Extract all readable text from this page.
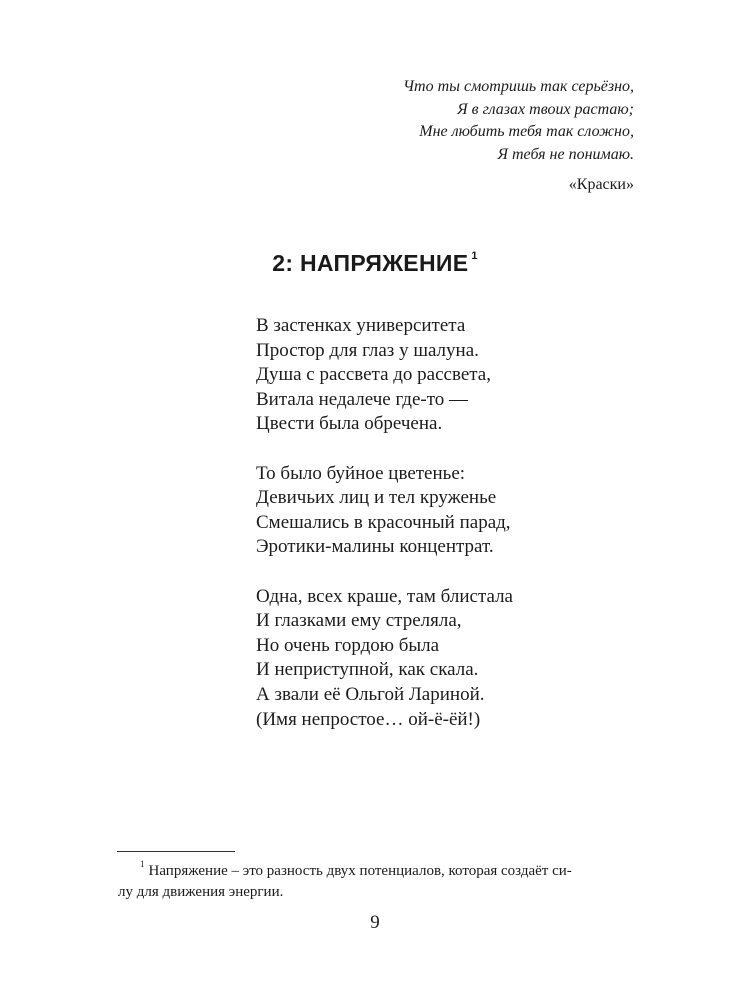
Что ты смотришь так серьёзно,
Я в глазах твоих растаю;
Мне любить тебя так сложно,
Я тебя не понимаю.
«Краски»
2: НАПРЯЖЕНИЕ $^1$
В застенках университета
Простор для глаз у шалуна.
Душа с рассвета до рассвета,
Витала недалече где-то —
Цвести была обречена.
То было буйное цветенье:
Девичьих лиц и тел круженье
Смешались в красочный парад,
Эротики-малины концентрат.
Одна, всех краше, там блистала
И глазками ему стреляла,
Но очень гордою была
И неприступной, как скала.
А звали её Ольгой Лариной.
(Имя непростое… ой-ё-ёй!)
$^1$ Напряжение – это разность двух потенциалов, которая создаёт си-
лу для движения энергии.
9
